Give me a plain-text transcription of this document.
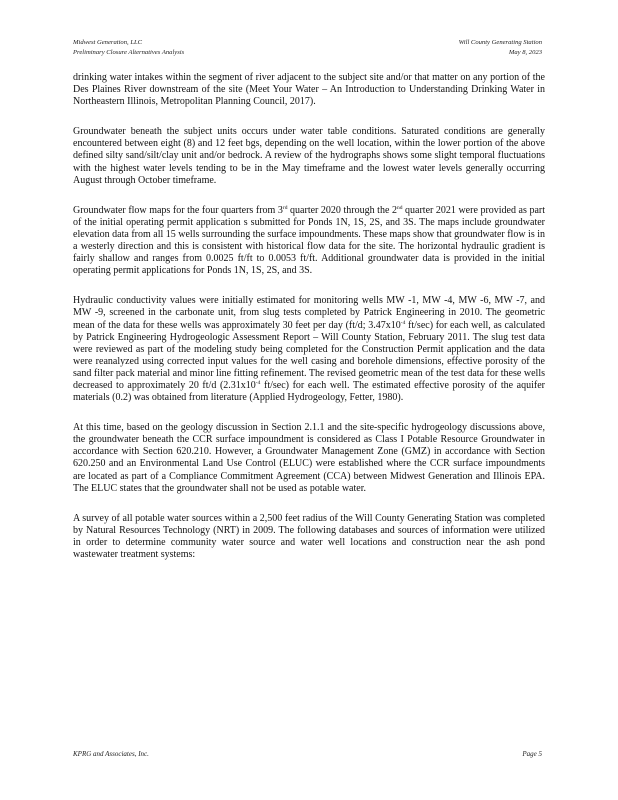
Midwest Generation, LLC
Preliminary Closure Alternatives Analysis
Will County Generating Station
May 8, 2023

drinking water intakes within the segment of river adjacent to the subject site and/or that matter on any portion of the Des Plaines River downstream of the site (Meet Your Water – An Introduction to Understanding Drinking Water in Northeastern Illinois, Metropolitan Planning Council, 2017).

Groundwater beneath the subject units occurs under water table conditions. Saturated conditions are generally encountered between eight (8) and 12 feet bgs, depending on the well location, within the lower portion of the above defined silty sand/silt/clay unit and/or bedrock. A review of the hydrographs shows some slight temporal fluctuations with the highest water levels tending to be in the May timeframe and the lowest water levels generally occurring August through October timeframe.

Groundwater flow maps for the four quarters from 3rd quarter 2020 through the 2nd quarter 2021 were provided as part of the initial operating permit application s submitted for Ponds 1N, 1S, 2S, and 3S. The maps include groundwater elevation data from all 15 wells surrounding the surface impoundments. These maps show that groundwater flow is in a westerly direction and this is consistent with historical flow data for the site. The horizontal hydraulic gradient is fairly shallow and ranges from 0.0025 ft/ft to 0.0053 ft/ft. Additional groundwater data is provided in the initial operating permit applications for Ponds 1N, 1S, 2S, and 3S.

Hydraulic conductivity values were initially estimated for monitoring wells MW -1, MW -4, MW -6, MW -7, and MW -9, screened in the carbonate unit, from slug tests completed by Patrick Engineering in 2010. The geometric mean of the data for these wells was approximately 30 feet per day (ft/d; $3.47x10^{-4}$ ft/sec) for each well, as calculated by Patrick Engineering Hydrogeologic Assessment Report – Will County Station, February 2011. The slug test data were reviewed as part of the modeling study being completed for the Construction Permit application and the data were reanalyzed using corrected input values for the well casing and borehole dimensions, effective porosity of the sand filter pack material and minor line fitting refinement. The revised geometric mean of the test data for these wells decreased to approximately 20 ft/d ($2.31x10^{-4}$ ft/sec) for each well. The estimated effective porosity of the aquifer materials (0.2) was obtained from literature (Applied Hydrogeology, Fetter, 1980).

At this time, based on the geology discussion in Section 2.1.1 and the site-specific hydrogeology discussions above, the groundwater beneath the CCR surface impoundment is considered as Class I Potable Resource Groundwater in accordance with Section 620.210. However, a Groundwater Management Zone (GMZ) in accordance with Section 620.250 and an Environmental Land Use Control (ELUC) were established where the CCR surface impoundments are located as part of a Compliance Commitment Agreement (CCA) between Midwest Generation and Illinois EPA. The ELUC states that the groundwater shall not be used as potable water.

A survey of all potable water sources within a 2,500 feet radius of the Will County Generating Station was completed by Natural Resources Technology (NRT) in 2009. The following databases and sources of information were utilized in order to determine community water source and water well locations and construction near the ash pond wastewater treatment systems:

KPRG and Associates, Inc.	Page 5
